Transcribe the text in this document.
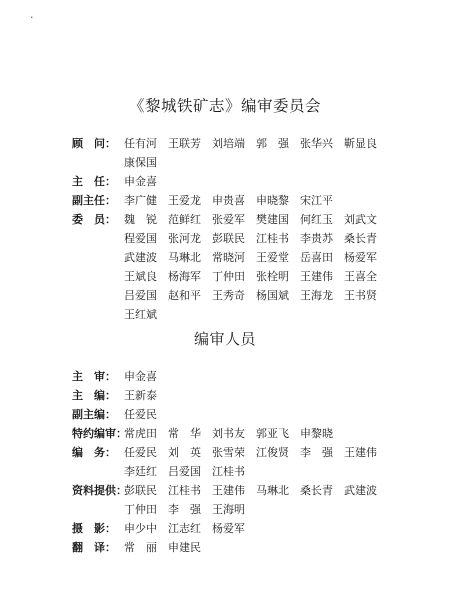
·
《黎城铁矿志》编审委员会
顾　问： 任有河　王联芳　刘培端　郭　强　张华兴　靳显良
康保国
主　任： 申金喜
副主任： 李广健　王爱龙　申贵喜　申晓黎　宋江平
委　员： 魏　锐　范鲜红　张爱军　樊建国　何红玉　刘武文
程爱国　张河龙　彭联民　江桂书　李贵苏　桑长青
武建波　马琳北　常晓河　王爱堂　岳喜田　杨爱军
王斌良　杨海军　丁仲田　张栓明　王建伟　王喜全
吕爱国　赵和平　王秀奇　杨国斌　王海龙　王书贤
王红斌
编审人员
主　审： 申金喜
主　编： 王新泰
副主编： 任爱民
特约编审：常虎田　常　华　刘书友　郭亚飞　申黎晓
编　务： 任爱民　刘　英　张雪荣　江俊贤　李　强　王建伟
李廷红　吕爱国　江桂书
资料提供：彭联民　江桂书　王建伟　马琳北　桑长青　武建波
丁仲田　李　强　王海明
摄　影： 申少中　江志红　杨爱军
翻　译： 常　丽　申建民
